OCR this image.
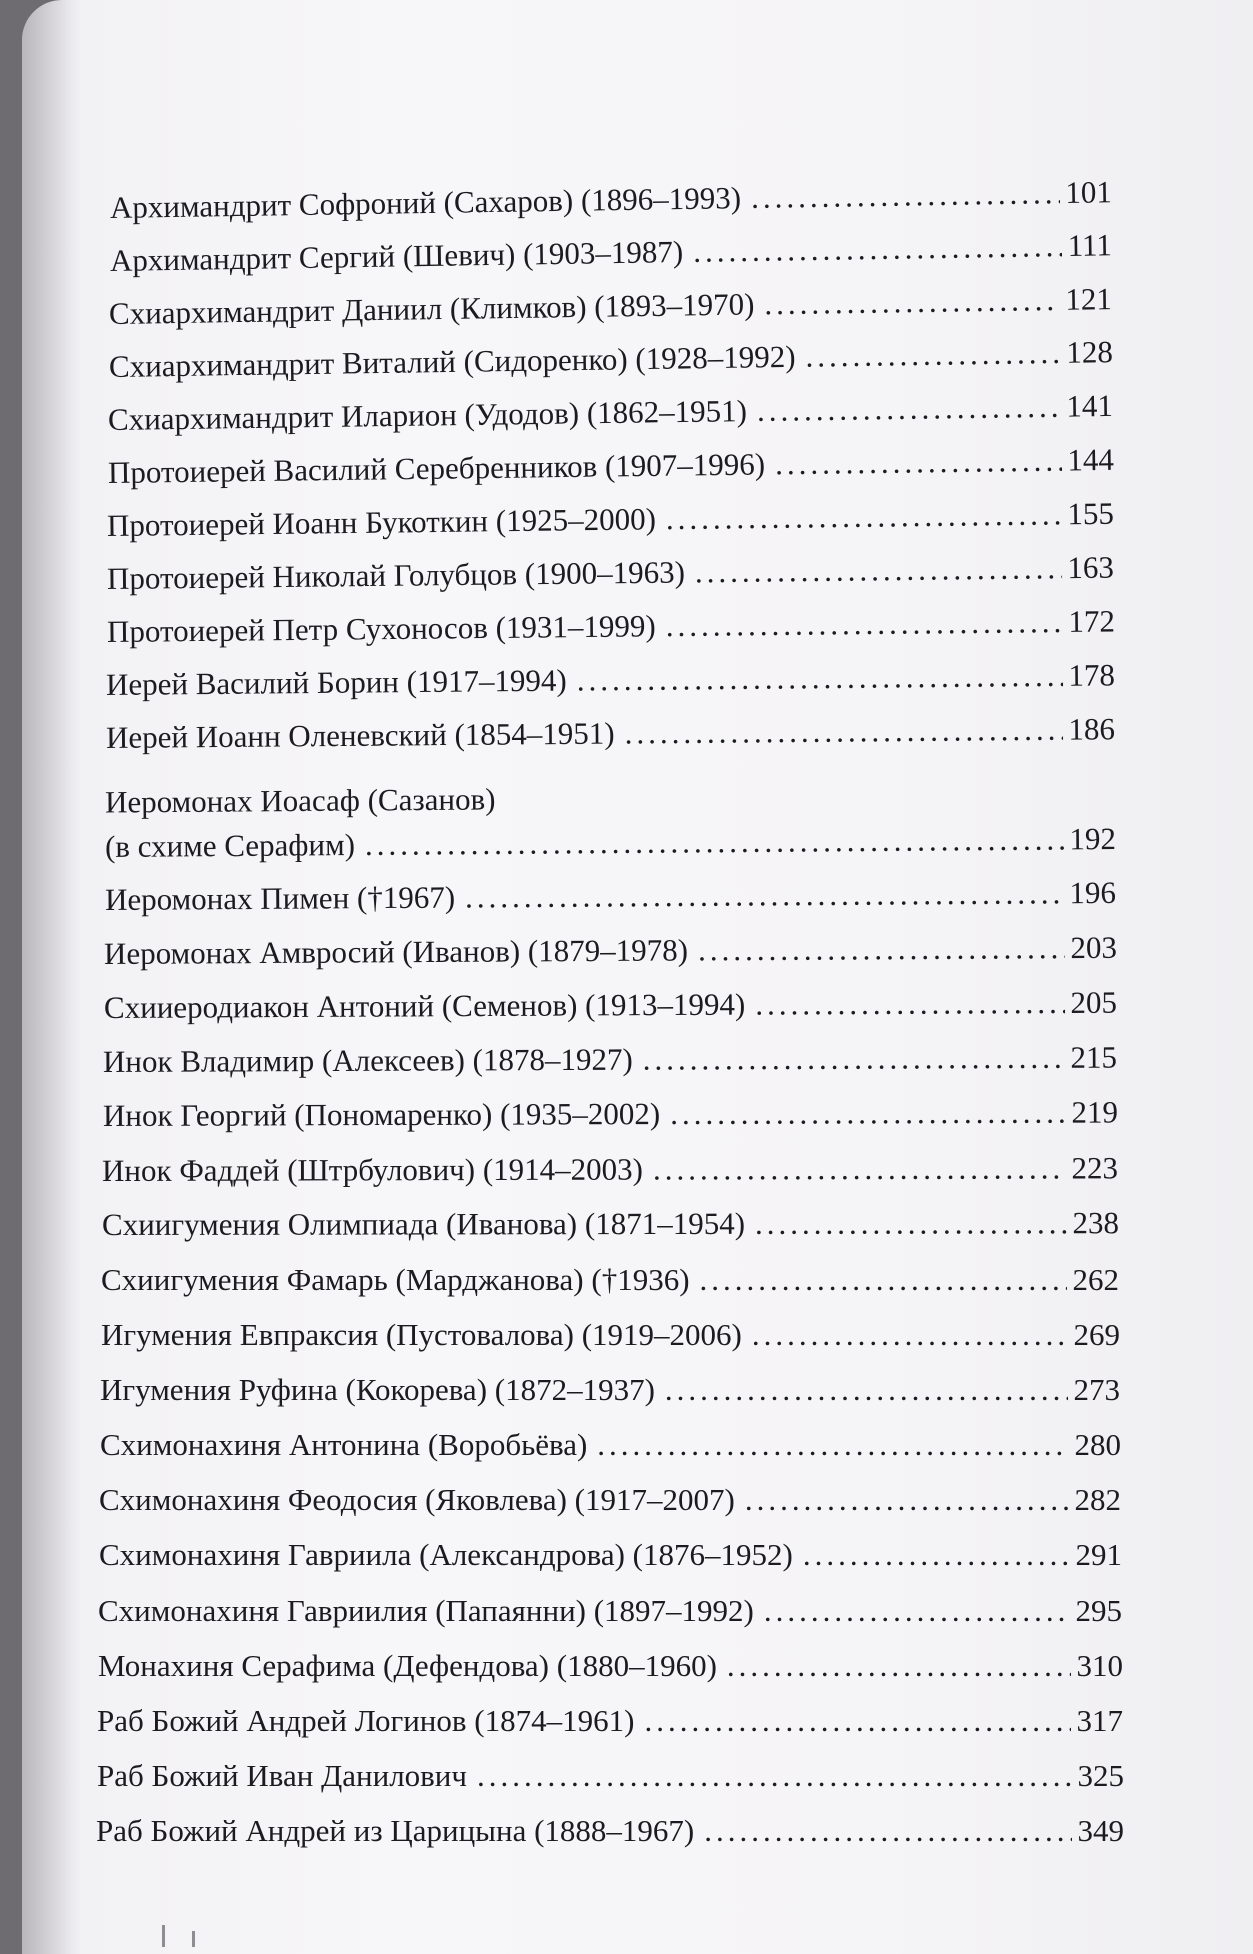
Архимандрит Софроний (Сахаров) (1896–1993) .....	101
Архимандрит Сергий (Шевич) (1903–1987) .....	111
Схиархимандрит Даниил (Климков) (1893–1970) .....	121
Схиархимандрит Виталий (Сидоренко) (1928–1992) .....	128
Схиархимандрит Иларион (Удодов) (1862–1951) .....	141
Протоиерей Василий Серебренников (1907–1996) .....	144
Протоиерей Иоанн Букоткин (1925–2000) .....	155
Протоиерей Николай Голубцов (1900–1963) .....	163
Протоиерей Петр Сухоносов (1931–1999) .....	172
Иерей Василий Борин (1917–1994) .....	178
Иерей Иоанн Оленевский (1854–1951) .....	186
Иеромонах Иоасаф (Сазанов)
(в схиме Серафим) .....	192
Иеромонах Пимен (†1967) .....	196
Иеромонах Амвросий (Иванов) (1879–1978) .....	203
Схииеродиакон Антоний (Семенов) (1913–1994) .....	205
Инок Владимир (Алексеев) (1878–1927) .....	215
Инок Георгий (Пономаренко) (1935–2002) .....	219
Инок Фаддей (Штрбулович) (1914–2003) .....	223
Схиигумения Олимпиада (Иванова) (1871–1954) .....	238
Схиигумения Фамарь (Марджанова) (†1936) .....	262
Игумения Евпраксия (Пустовалова) (1919–2006) .....	269
Игумения Руфина (Кокорева) (1872–1937) .....	273
Схимонахиня Антонина (Воробьёва) .....	280
Схимонахиня Феодосия (Яковлева) (1917–2007) .....	282
Схимонахиня Гавриила (Александрова) (1876–1952) .....	291
Схимонахиня Гавриилия (Папаянни) (1897–1992) .....	295
Монахиня Серафима (Дефендова) (1880–1960) .....	310
Раб Божий Андрей Логинов (1874–1961) .....	317
Раб Божий Иван Данилович .....	325
Раб Божий Андрей из Царицына (1888–1967) .....	349
